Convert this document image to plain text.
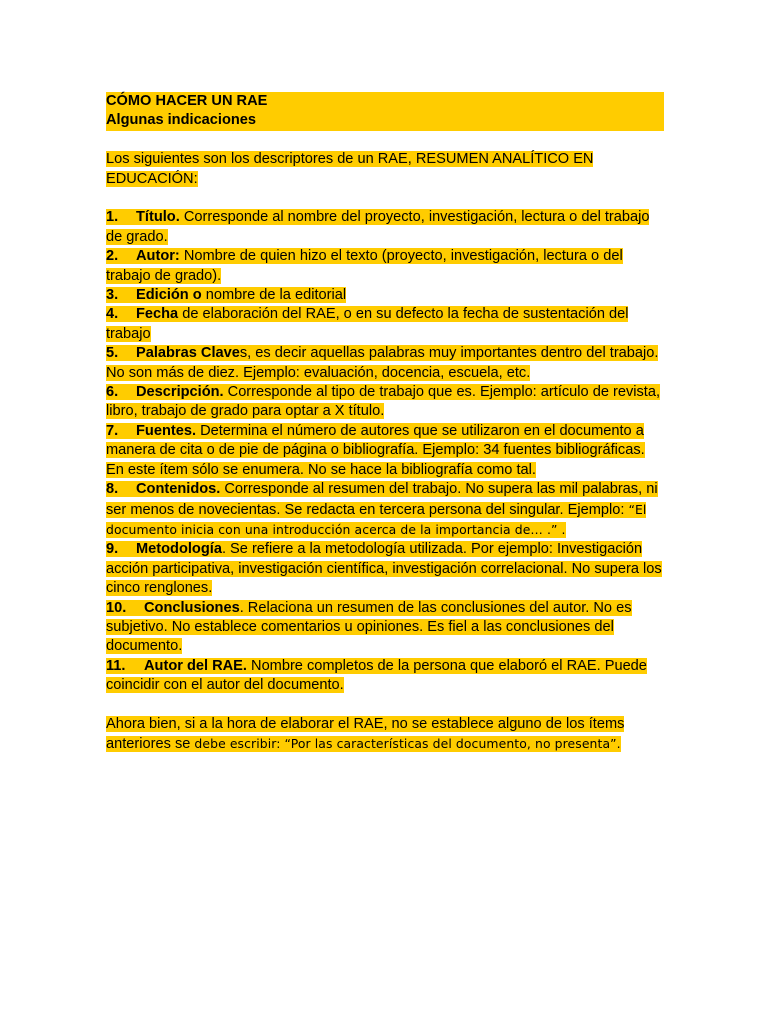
CÓMO HACER UN RAE
Algunas indicaciones

Los siguientes son los descriptores de un RAE, RESUMEN ANALÍTICO EN EDUCACIÓN:

1. Título. Corresponde al nombre del proyecto, investigación, lectura o del trabajo de grado.

2. Autor: Nombre de quien hizo el texto (proyecto, investigación, lectura o del trabajo de grado).

3. Edición o nombre de la editorial

4. Fecha de elaboración del RAE, o en su defecto la fecha de sustentación del trabajo

5. Palabras Claves, es decir aquellas palabras muy importantes dentro del trabajo. No son más de diez. Ejemplo: evaluación, docencia, escuela, etc.

6. Descripción. Corresponde al tipo de trabajo que es. Ejemplo: artículo de revista, libro, trabajo de grado para optar a X título.

7. Fuentes. Determina el número de autores que se utilizaron en el documento a manera de cita o de pie de página o bibliografía. Ejemplo: 34 fuentes bibliográficas. En este ítem sólo se enumera. No se hace la bibliografía como tal.

8. Contenidos. Corresponde al resumen del trabajo. No supera las mil palabras, ni ser menos de novecientas. Se redacta en tercera persona del singular. Ejemplo: “El documento inicia con una introducción acerca de la importancia de… .” .

9. Metodología. Se refiere a la metodología utilizada. Por ejemplo: Investigación acción participativa, investigación científica, investigación correlacional. No supera los cinco renglones.

10. Conclusiones. Relaciona un resumen de las conclusiones del autor. No es subjetivo. No establece comentarios u opiniones. Es fiel a las conclusiones del documento.

11. Autor del RAE. Nombre completos de la persona que elaboró el RAE. Puede coincidir con el autor del documento.

Ahora bien, si a la hora de elaborar el RAE, no se establece alguno de los ítems anteriores se debe escribir: “Por las características del documento, no presenta”.
